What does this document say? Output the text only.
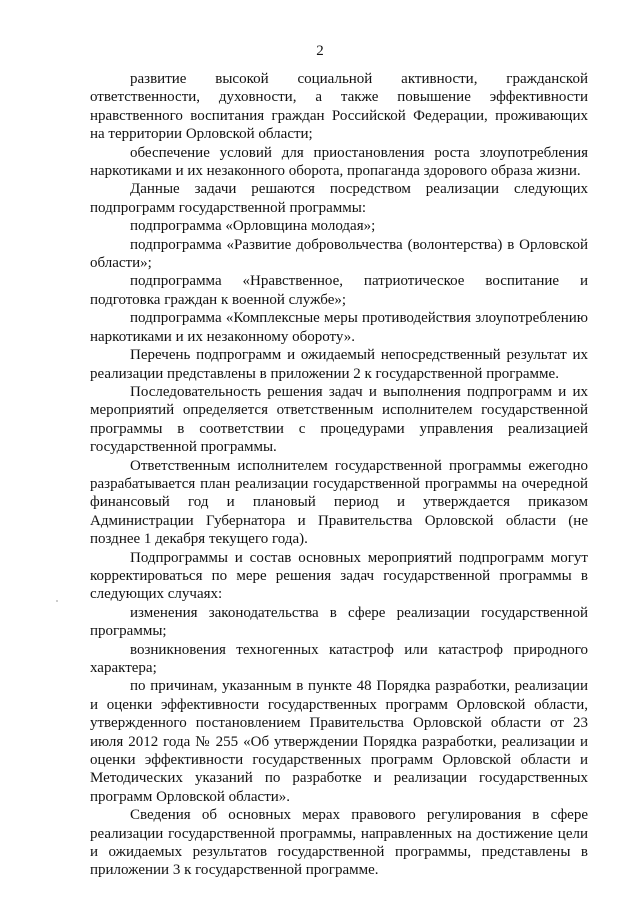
2

развитие высокой социальной активности, гражданской ответственности, духовности, а также повышение эффективности нравственного воспитания граждан Российской Федерации, проживающих на территории Орловской области;

обеспечение условий для приостановления роста злоупотребления наркотиками и их незаконного оборота, пропаганда здорового образа жизни.

Данные задачи решаются посредством реализации следующих подпрограмм государственной программы:

подпрограмма «Орловщина молодая»;

подпрограмма «Развитие добровольчества (волонтерства) в Орловской области»;

подпрограмма «Нравственное, патриотическое воспитание и подготовка граждан к военной службе»;

подпрограмма «Комплексные меры противодействия злоупотреблению наркотиками и их незаконному обороту».

Перечень подпрограмм и ожидаемый непосредственный результат их реализации представлены в приложении 2 к государственной программе.

Последовательность решения задач и выполнения подпрограмм и их мероприятий определяется ответственным исполнителем государственной программы в соответствии с процедурами управления реализацией государственной программы.

Ответственным исполнителем государственной программы ежегодно разрабатывается план реализации государственной программы на очередной финансовый год и плановый период и утверждается приказом Администрации Губернатора и Правительства Орловской области (не позднее 1 декабря текущего года).

Подпрограммы и состав основных мероприятий подпрограмм могут корректироваться по мере решения задач государственной программы в следующих случаях:

изменения законодательства в сфере реализации государственной программы;

возникновения техногенных катастроф или катастроф природного характера;

по причинам, указанным в пункте 48 Порядка разработки, реализации и оценки эффективности государственных программ Орловской области, утвержденного постановлением Правительства Орловской области от 23 июля 2012 года № 255 «Об утверждении Порядка разработки, реализации и оценки эффективности государственных программ Орловской области и Методических указаний по разработке и реализации государственных программ Орловской области».

Сведения об основных мерах правового регулирования в сфере реализации государственной программы, направленных на достижение цели и ожидаемых результатов государственной программы, представлены в приложении 3 к государственной программе.
